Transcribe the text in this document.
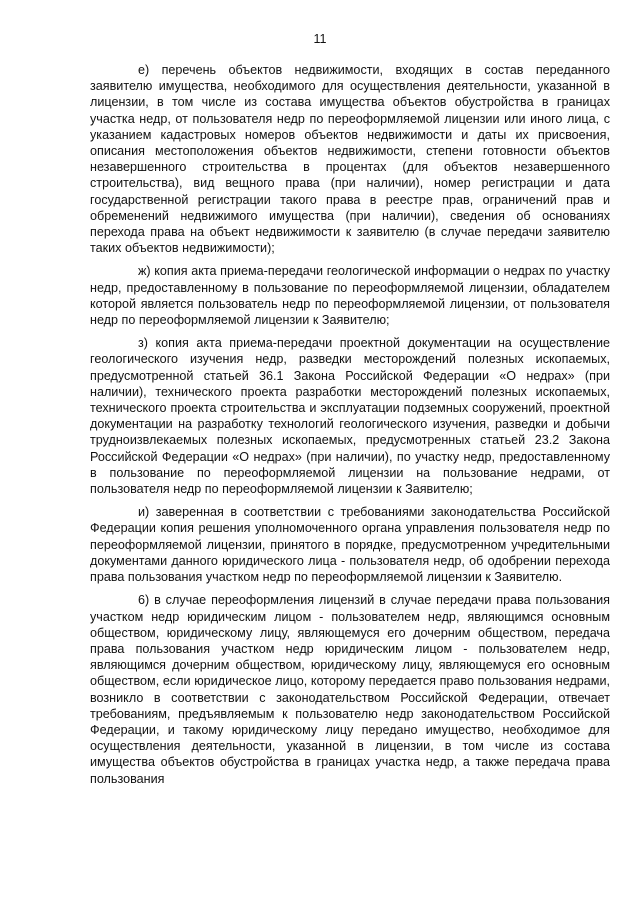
11

е) перечень объектов недвижимости, входящих в состав переданного заявителю имущества, необходимого для осуществления деятельности, указанной в лицензии, в том числе из состава имущества объектов обустройства в границах участка недр, от пользователя недр по переоформляемой лицензии или иного лица, с указанием кадастровых номеров объектов недвижимости и даты их присвоения, описания местоположения объектов недвижимости, степени готовности объектов незавершенного строительства в процентах (для объектов незавершенного строительства), вид вещного права (при наличии), номер регистрации и дата государственной регистрации такого права в реестре прав, ограничений прав и обременений недвижимого имущества (при наличии), сведения об основаниях перехода права на объект недвижимости к заявителю (в случае передачи заявителю таких объектов недвижимости);

ж) копия акта приема-передачи геологической информации о недрах по участку недр, предоставленному в пользование по переоформляемой лицензии, обладателем которой является пользователь недр по переоформляемой лицензии, от пользователя недр по переоформляемой лицензии к Заявителю;

з) копия акта приема-передачи проектной документации на осуществление геологического изучения недр, разведки месторождений полезных ископаемых, предусмотренной статьей 36.1 Закона Российской Федерации «О недрах» (при наличии), технического проекта разработки месторождений полезных ископаемых, технического проекта строительства и эксплуатации подземных сооружений, проектной документации на разработку технологий геологического изучения, разведки и добычи трудноизвлекаемых полезных ископаемых, предусмотренных статьей 23.2 Закона Российской Федерации «О недрах» (при наличии), по участку недр, предоставленному в пользование по переоформляемой лицензии на пользование недрами, от пользователя недр по переоформляемой лицензии к Заявителю;

и) заверенная в соответствии с требованиями законодательства Российской Федерации копия решения уполномоченного органа управления пользователя недр по переоформляемой лицензии, принятого в порядке, предусмотренном учредительными документами данного юридического лица - пользователя недр, об одобрении перехода права пользования участком недр по переоформляемой лицензии к Заявителю.

6) в случае переоформления лицензий в случае передачи права пользования участком недр юридическим лицом - пользователем недр, являющимся основным обществом, юридическому лицу, являющемуся его дочерним обществом, передача права пользования участком недр юридическим лицом - пользователем недр, являющимся дочерним обществом, юридическому лицу, являющемуся его основным обществом, если юридическое лицо, которому передается право пользования недрами, возникло в соответствии с законодательством Российской Федерации, отвечает требованиям, предъявляемым к пользователю недр законодательством Российской Федерации, и такому юридическому лицу передано имущество, необходимое для осуществления деятельности, указанной в лицензии, в том числе из состава имущества объектов обустройства в границах участка недр, а также передача права пользования
